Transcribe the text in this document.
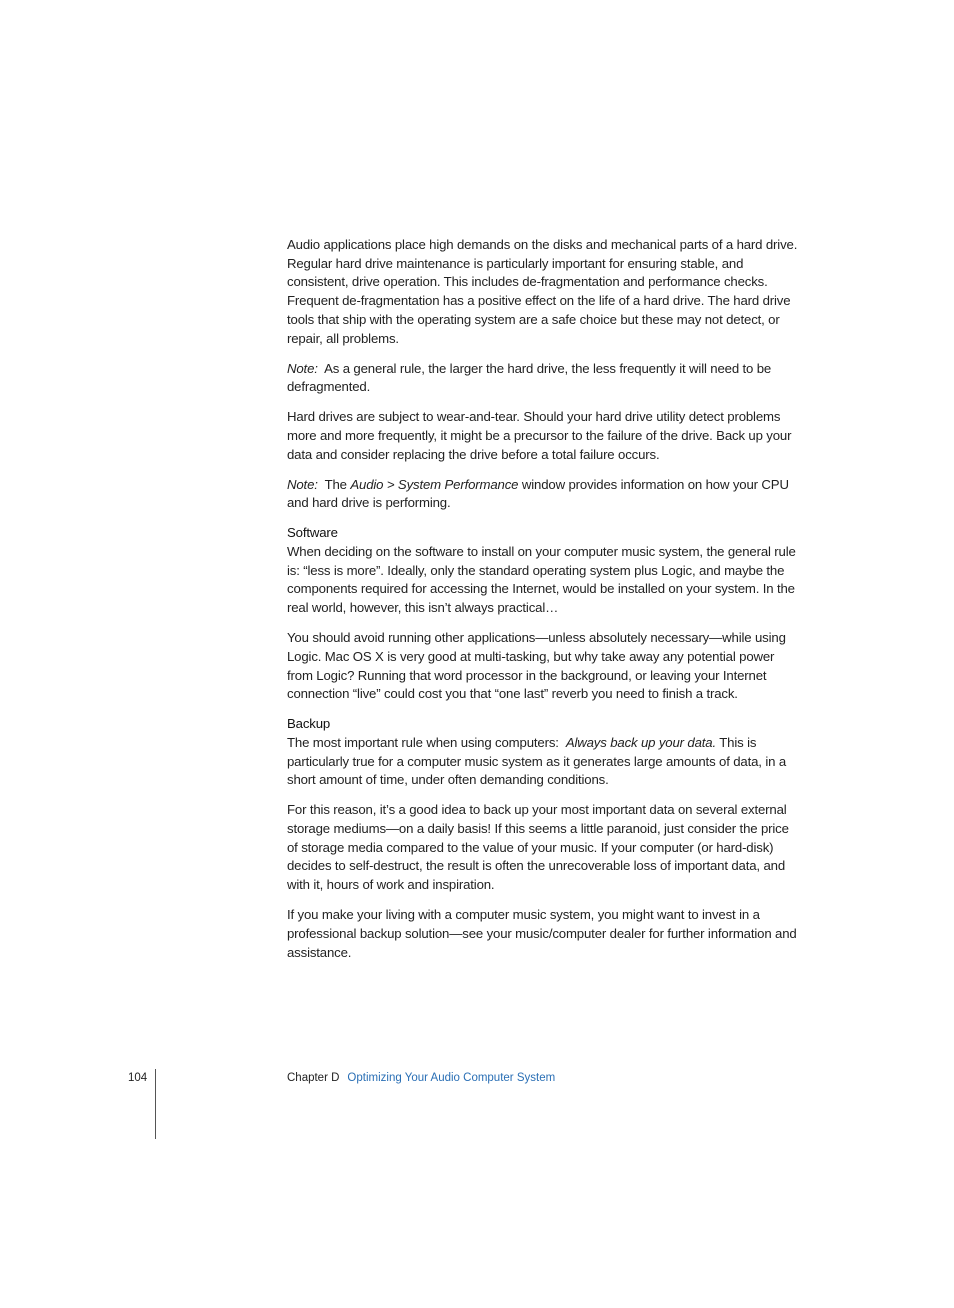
Audio applications place high demands on the disks and mechanical parts of a hard drive. Regular hard drive maintenance is particularly important for ensuring stable, and consistent, drive operation. This includes de-fragmentation and performance checks. Frequent de-fragmentation has a positive effect on the life of a hard drive. The hard drive tools that ship with the operating system are a safe choice but these may not detect, or repair, all problems.

Note: As a general rule, the larger the hard drive, the less frequently it will need to be defragmented.

Hard drives are subject to wear-and-tear. Should your hard drive utility detect problems more and more frequently, it might be a precursor to the failure of the drive. Back up your data and consider replacing the drive before a total failure occurs.

Note: The Audio > System Performance window provides information on how your CPU and hard drive is performing.

Software

When deciding on the software to install on your computer music system, the general rule is: “less is more”. Ideally, only the standard operating system plus Logic, and maybe the components required for accessing the Internet, would be installed on your system. In the real world, however, this isn’t always practical…

You should avoid running other applications—unless absolutely necessary—while using Logic. Mac OS X is very good at multi-tasking, but why take away any potential power from Logic? Running that word processor in the background, or leaving your Internet connection “live” could cost you that “one last” reverb you need to finish a track.

Backup

The most important rule when using computers: Always back up your data. This is particularly true for a computer music system as it generates large amounts of data, in a short amount of time, under often demanding conditions.

For this reason, it’s a good idea to back up your most important data on several external storage mediums—on a daily basis! If this seems a little paranoid, just consider the price of storage media compared to the value of your music. If your computer (or hard-disk) decides to self-destruct, the result is often the unrecoverable loss of important data, and with it, hours of work and inspiration.

If you make your living with a computer music system, you might want to invest in a professional backup solution—see your music/computer dealer for further information and assistance.

104	Chapter D Optimizing Your Audio Computer System
